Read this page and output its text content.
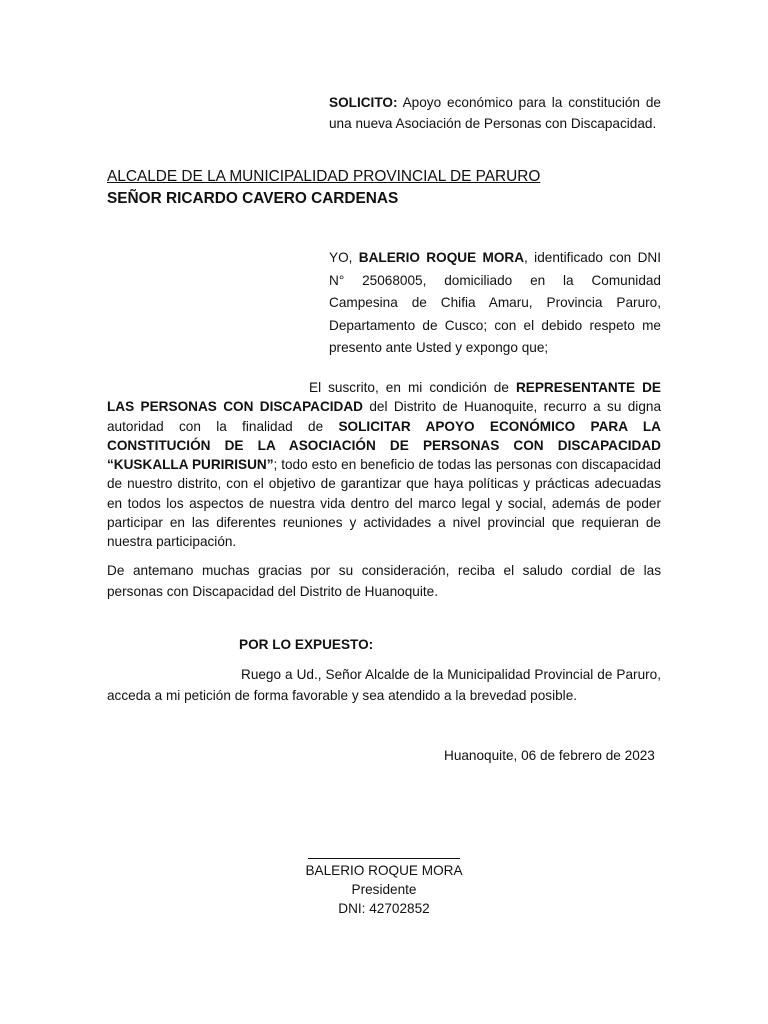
SOLICITO: Apoyo económico para la constitución de una nueva Asociación de Personas con Discapacidad.

ALCALDE DE LA MUNICIPALIDAD PROVINCIAL DE PARURO
SEÑOR RICARDO CAVERO CARDENAS

YO, BALERIO ROQUE MORA, identificado con DNI N° 25068005, domiciliado en la Comunidad Campesina de Chifia Amaru, Provincia Paruro, Departamento de Cusco; con el debido respeto me presento ante Usted y expongo que;

El suscrito, en mi condición de REPRESENTANTE DE LAS PERSONAS CON DISCAPACIDAD del Distrito de Huanoquite, recurro a su digna autoridad con la finalidad de SOLICITAR APOYO ECONÓMICO PARA LA CONSTITUCIÓN DE LA ASOCIACIÓN DE PERSONAS CON DISCAPACIDAD “KUSKALLA PURIRISUN”; todo esto en beneficio de todas las personas con discapacidad de nuestro distrito, con el objetivo de garantizar que haya políticas y prácticas adecuadas en todos los aspectos de nuestra vida dentro del marco legal y social, además de poder participar en las diferentes reuniones y actividades a nivel provincial que requieran de nuestra participación.

De antemano muchas gracias por su consideración, reciba el saludo cordial de las personas con Discapacidad del Distrito de Huanoquite.

POR LO EXPUESTO:

Ruego a Ud., Señor Alcalde de la Municipalidad Provincial de Paruro, acceda a mi petición de forma favorable y sea atendido a la brevedad posible.

Huanoquite, 06 de febrero de 2023
BALERIO ROQUE MORA
Presidente
DNI: 42702852
